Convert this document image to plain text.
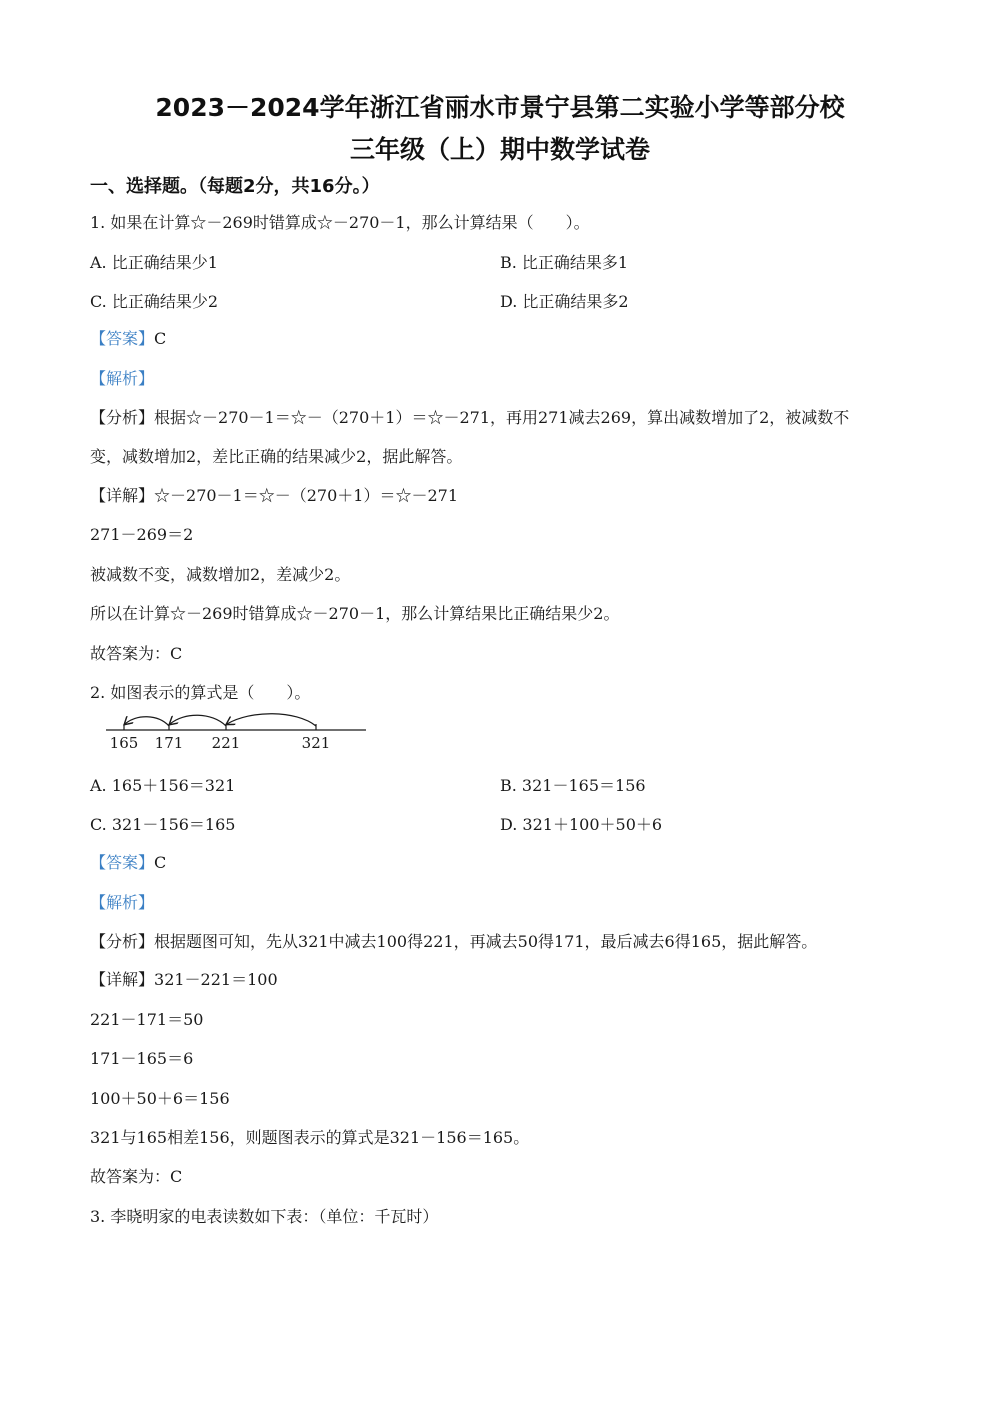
2023－2024学年浙江省丽水市景宁县第二实验小学等部分校
三年级（上）期中数学试卷
一、选择题。（每题2分，共16分。）
1. 如果在计算☆－269时错算成☆－270－1，那么计算结果（　　）。
A. 比正确结果少1	B. 比正确结果多1
C. 比正确结果少2	D. 比正确结果多2
【答案】C
【解析】
【分析】根据☆－270－1＝☆－（270＋1）＝☆－271，再用271减去269，算出减数增加了2，被减数不
变，减数增加2，差比正确的结果减少2，据此解答。
【详解】☆－270－1＝☆－（270＋1）＝☆－271
271－269＝2
被减数不变，减数增加2，差减少2。
所以在计算☆－269时错算成☆－270－1，那么计算结果比正确结果少2。
故答案为：C
2. 如图表示的算式是（　　）。
165 171 221	321
A. 165＋156＝321	B. 321－165＝156
C. 321－156＝165	D. 321＋100＋50＋6
【答案】C
【解析】
【分析】根据题图可知，先从321中减去100得221，再减去50得171，最后减去6得165，据此解答。
【详解】321－221＝100
221－171＝50
171－165＝6
100＋50＋6＝156
321与165相差156，则题图表示的算式是321－156＝165。
故答案为：C
3. 李晓明家的电表读数如下表：（单位：千瓦时）
